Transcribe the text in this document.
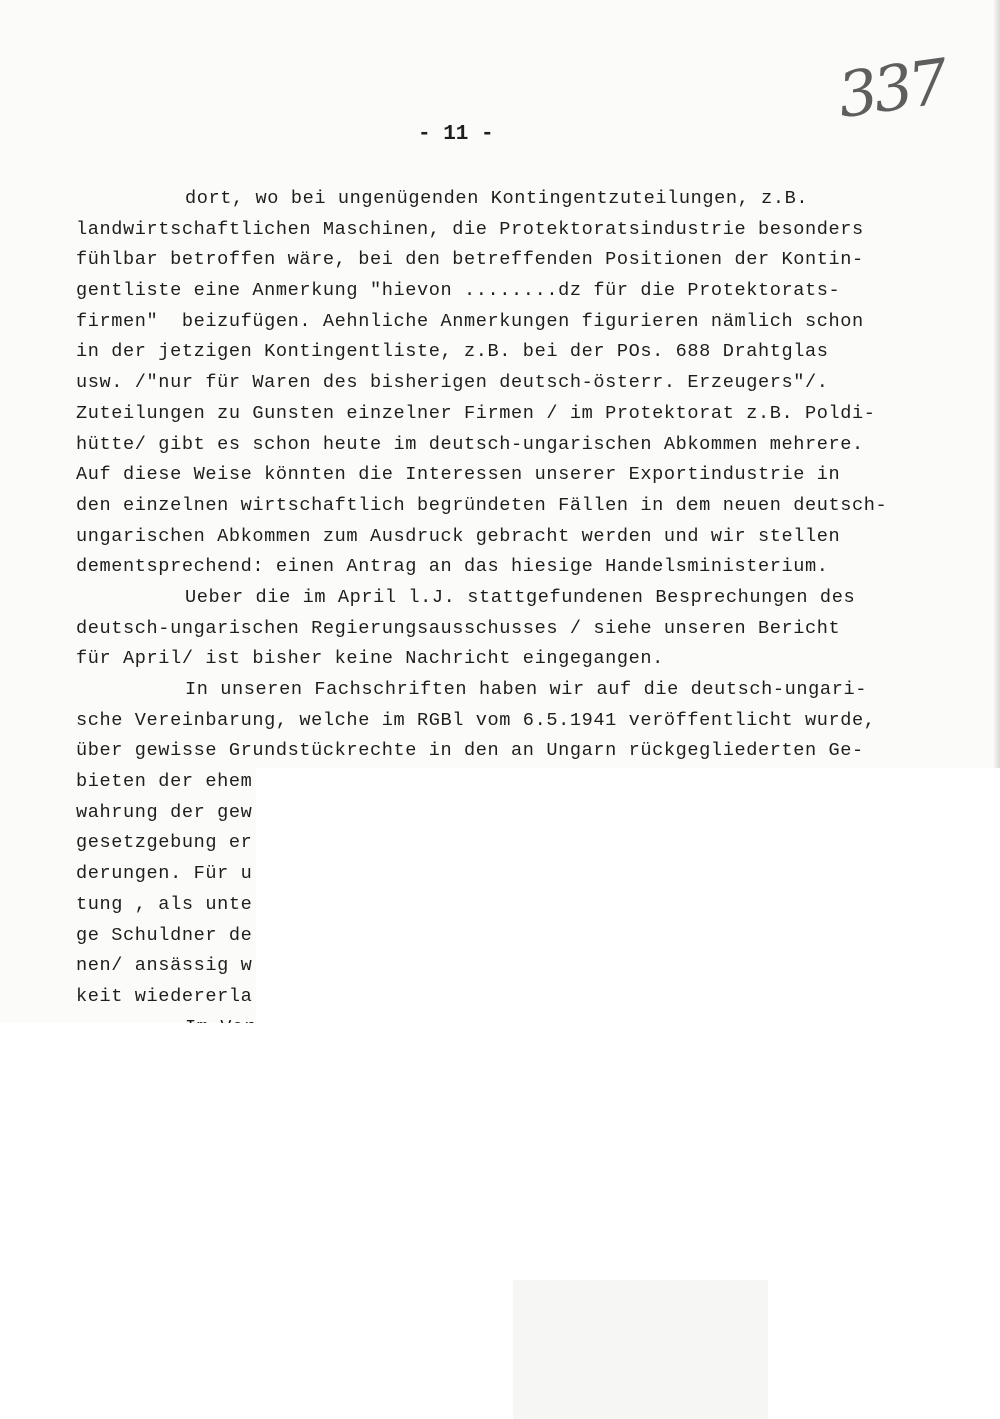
337
- 11 -
dort, wo bei ungenügenden Kontingentzuteilungen, z.B.
landwirtschaftlichen Maschinen, die Protektoratsindustrie besonders
fühlbar betroffen wäre, bei den betreffenden Positionen der Kontin-
gentliste eine Anmerkung "hievon ........dz für die Protektorats-
firmen"  beizufügen. Aehnliche Anmerkungen figurieren nämlich schon
in der jetzigen Kontingentliste, z.B. bei der POs. 688 Drahtglas
usw. /"nur für Waren des bisherigen deutsch-österr. Erzeugers"/.
Zuteilungen zu Gunsten einzelner Firmen / im Protektorat z.B. Poldi-
hütte/ gibt es schon heute im deutsch-ungarischen Abkommen mehrere.
Auf diese Weise könnten die Interessen unserer Exportindustrie in
den einzelnen wirtschaftlich begründeten Fällen in dem neuen deutsch-
ungarischen Abkommen zum Ausdruck gebracht werden und wir stellen
dementsprechend: einen Antrag an das hiesige Handelsministerium.
Ueber die im April l.J. stattgefundenen Besprechungen des
deutsch-ungarischen Regierungsausschusses / siehe unseren Bericht
für April/ ist bisher keine Nachricht eingegangen.
In unseren Fachschriften haben wir auf die deutsch-ungari-
sche Vereinbarung, welche im RGBl vom 6.5.1941 veröffentlicht wurde,
über gewisse Grundstückrechte in den an Ungarn rückgegliederten Ge-
bieten der ehem
wahrung der gew
gesetzgebung er
derungen. Für u
tung , als unte
ge Schuldner de
nen/ ansässig w
keit wiedererla
